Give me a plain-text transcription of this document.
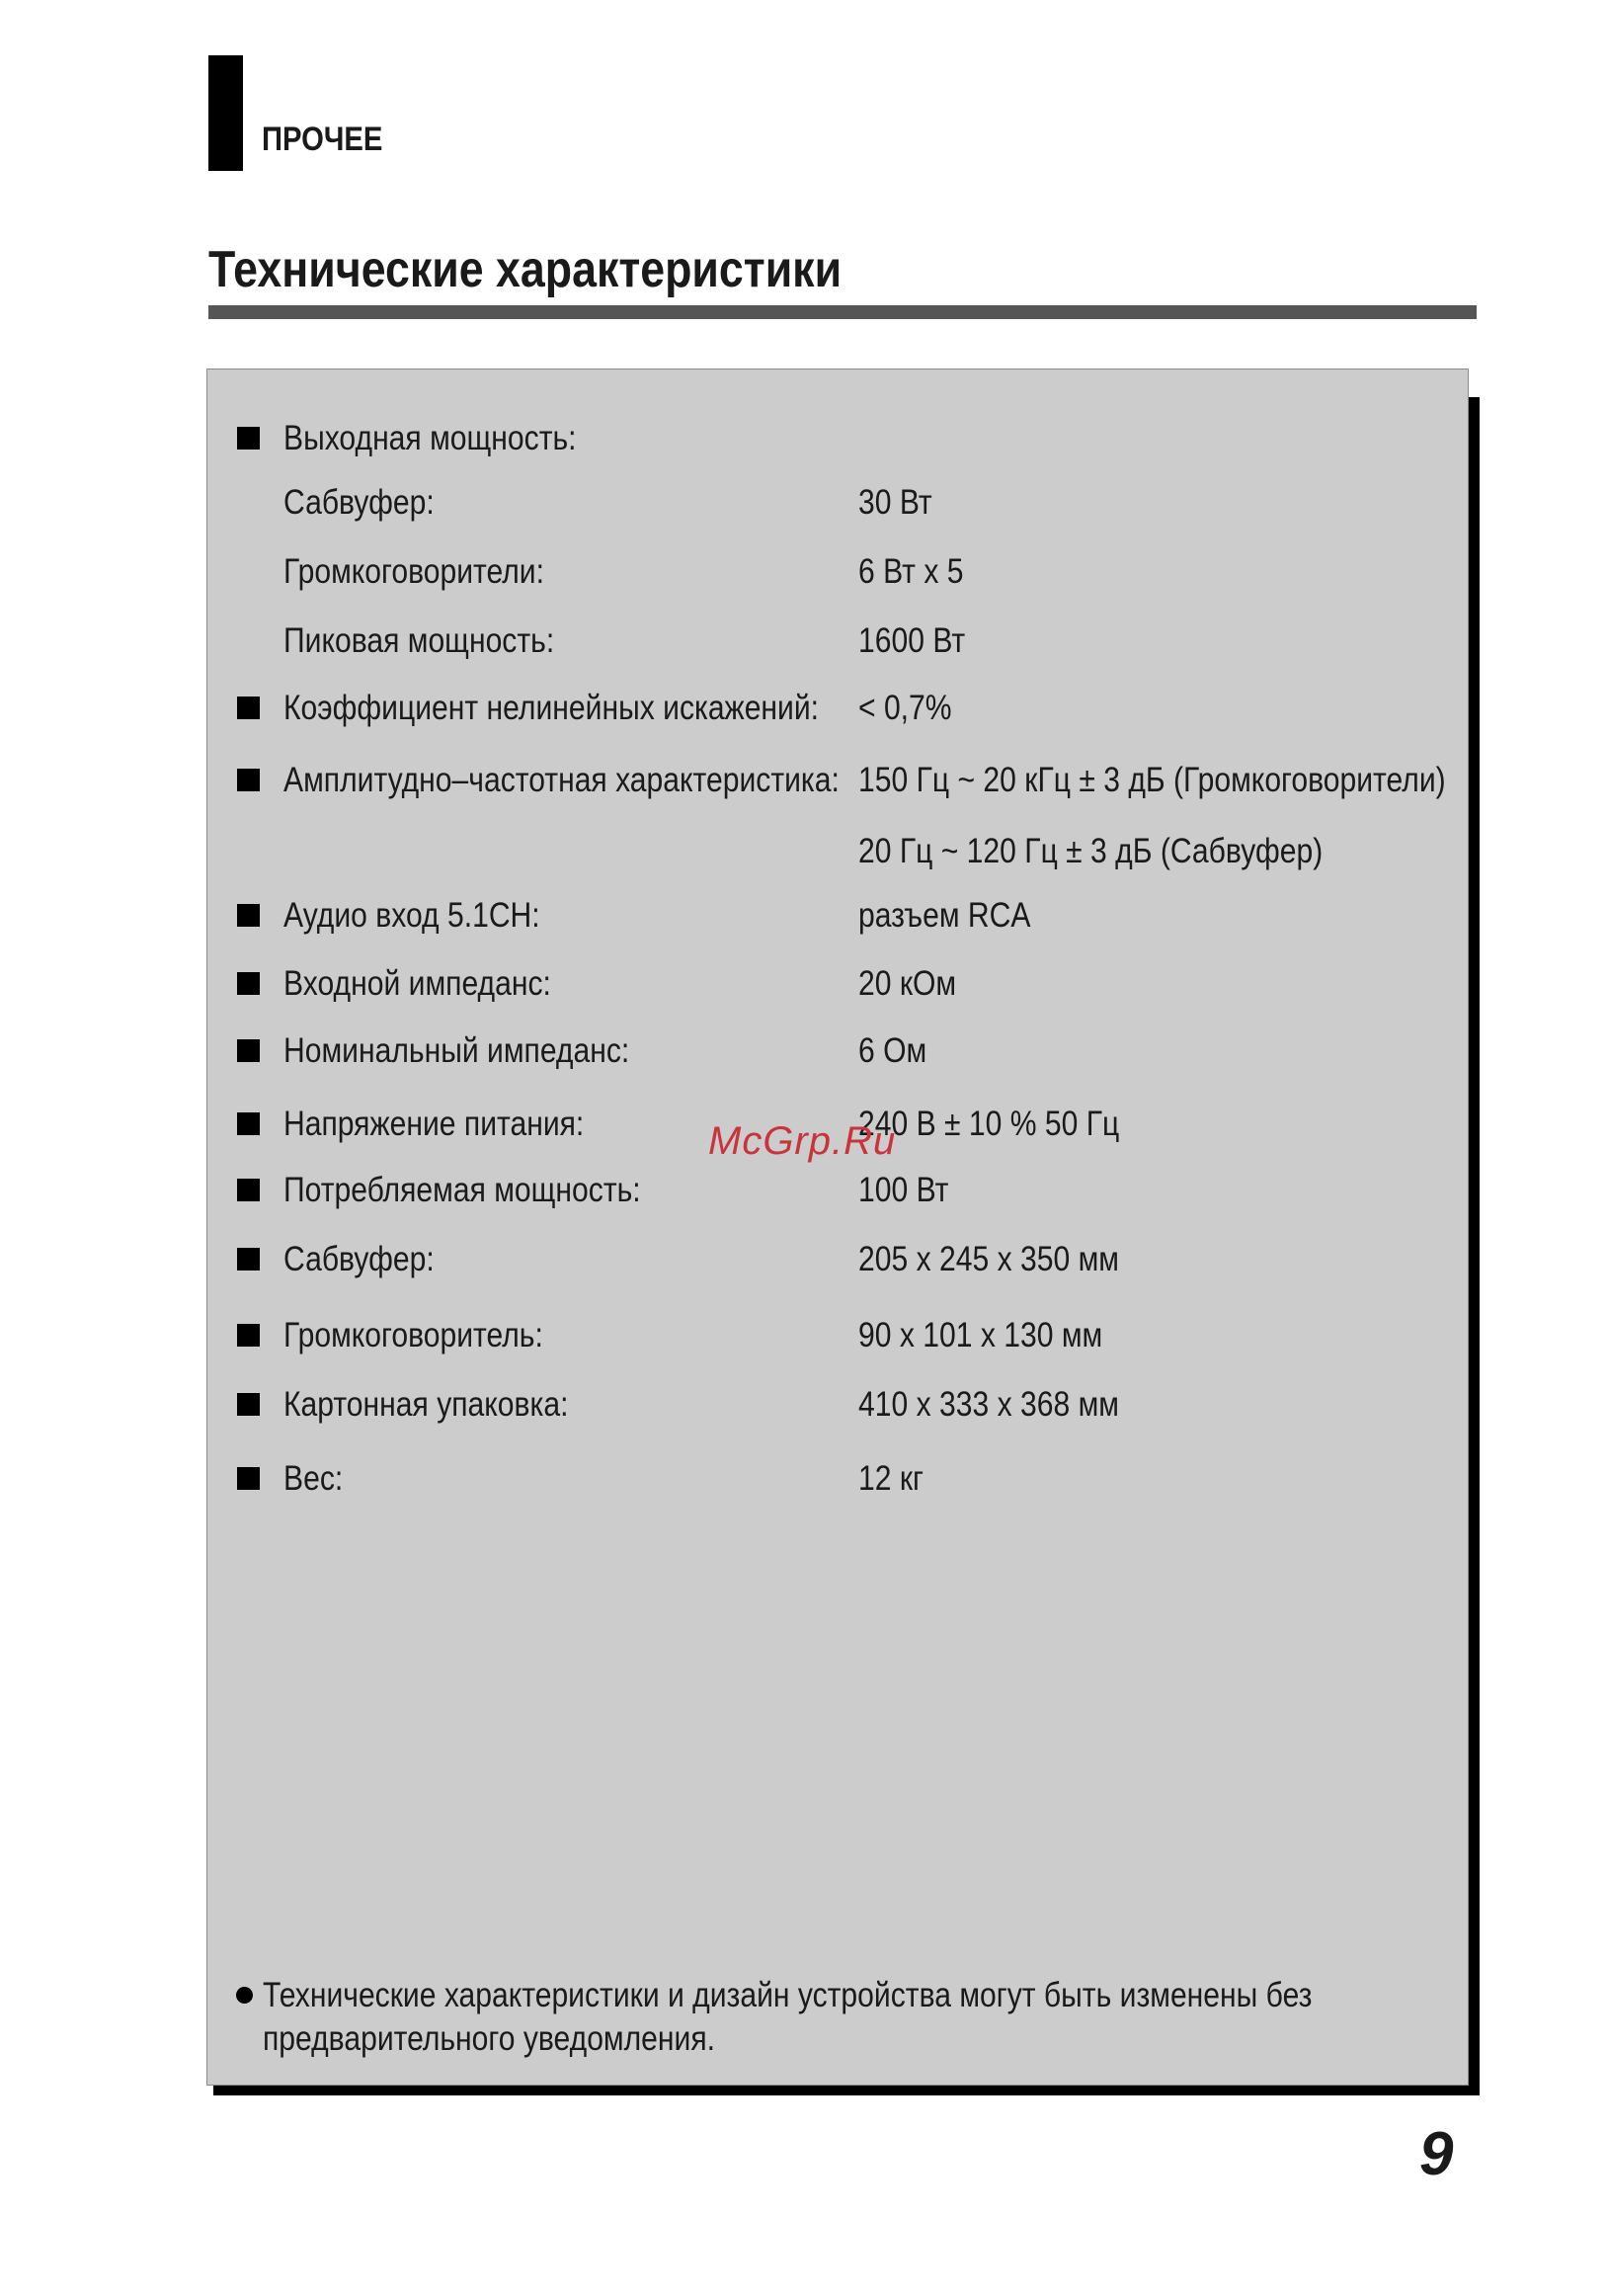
ПРОЧЕЕ
Технические характеристики
Выходная мощность:
Сабвуфер:	30 Вт
Громкоговорители:	6 Вт x 5
Пиковая мощность:	1600 Вт
Коэффициент нелинейных искажений: < 0,7%
Амплитудно–частотная характеристика: 150 Гц ~ 20 кГц ± 3 дБ (Громкоговорители)
20 Гц ~ 120 Гц ± 3 дБ (Сабвуфер)
Аудио вход 5.1CH:	разъем RCA
Входной импеданс:	20 кОм
Номинальный импеданс:	6 Ом
Напряжение питания:	240 В ± 10 % 50 Гц
Потребляемая мощность:	100 Вт
Сабвуфер:	205 x 245 x 350 мм
Громкоговоритель:	90 x 101 x 130 мм
Картонная упаковка:	410 x 333 x 368 мм
Вес:	12 кг
Технические характеристики и дизайн устройства могут быть изменены без
предварительного уведомления.
McGrp.Ru
9
